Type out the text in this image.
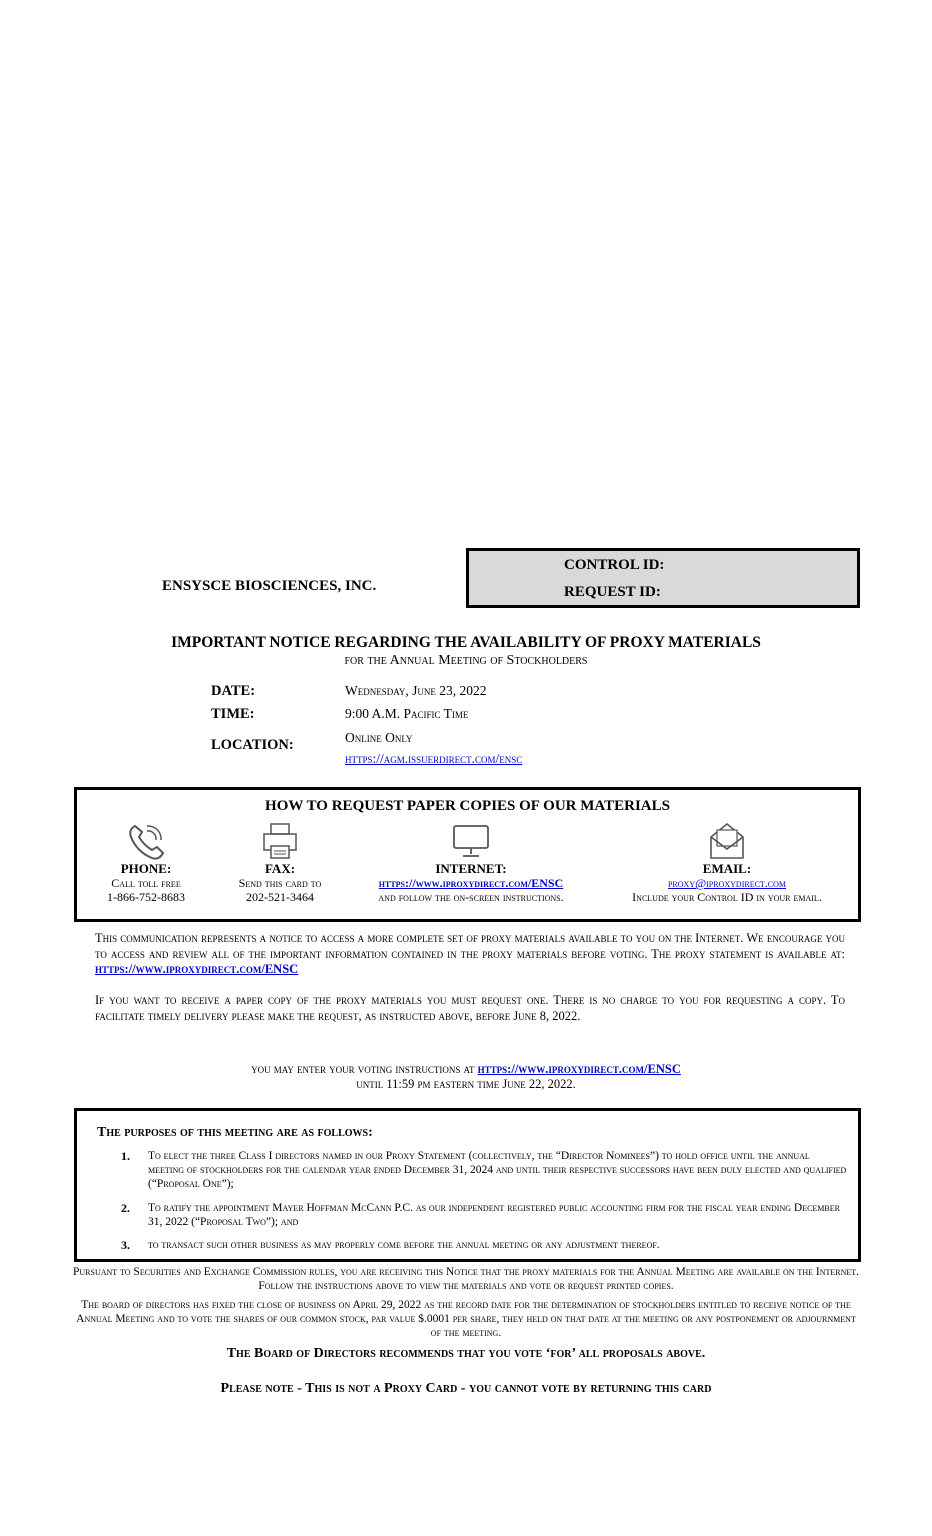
ENSYSCE BIOSCIENCES, INC.
CONTROL ID:
REQUEST ID:
IMPORTANT NOTICE REGARDING THE AVAILABILITY OF PROXY MATERIALS
for the Annual Meeting of Stockholders
DATE:	Wednesday, June 23, 2022
TIME:	9:00 A.M. Pacific Time
LOCATION:	Online Only
https://agm.issuerdirect.com/ensc
HOW TO REQUEST PAPER COPIES OF OUR MATERIALS
PHONE:
Call toll free
1-866-752-8683
FAX:
Send this card to
202-521-3464
INTERNET:
https://www.iproxydirect.com/ENSC
and follow the on-screen instructions.
EMAIL:
proxy@iproxydirect.com
Include your Control ID in your email.
This communication represents a notice to access a more complete set of proxy materials available to you on the Internet. We encourage you to access and review all of the important information contained in the proxy materials before voting. The proxy statement is available at: https://www.iproxydirect.com/ENSC
If you want to receive a paper copy of the proxy materials you must request one. There is no charge to you for requesting a copy. To facilitate timely delivery please make the request, as instructed above, before June 8, 2022.
you may enter your voting instructions at https://www.iproxydirect.com/ENSC
until 11:59 pm eastern time June 22, 2022.
The purposes of this meeting are as follows:
1. To elect the three Class I directors named in our Proxy Statement (collectively, the “Director Nominees”) to hold office until the annual meeting of stockholders for the calendar year ended December 31, 2024 and until their respective successors have been duly elected and qualified (“Proposal One”);
2. To ratify the appointment Mayer Hoffman McCann P.C. as our independent registered public accounting firm for the fiscal year ending December 31, 2022 (“Proposal Two”); and
3. to transact such other business as may properly come before the annual meeting or any adjustment thereof.
Pursuant to Securities and Exchange Commission rules, you are receiving this Notice that the proxy materials for the Annual Meeting are available on the Internet. Follow the instructions above to view the materials and vote or request printed copies.
The board of directors has fixed the close of business on April 29, 2022 as the record date for the determination of stockholders entitled to receive notice of the Annual Meeting and to vote the shares of our common stock, par value $.0001 per share, they held on that date at the meeting or any postponement or adjournment of the meeting.
The Board of Directors recommends that you vote ‘for’ all proposals above.
Please note - This is not a Proxy Card - you cannot vote by returning this card
